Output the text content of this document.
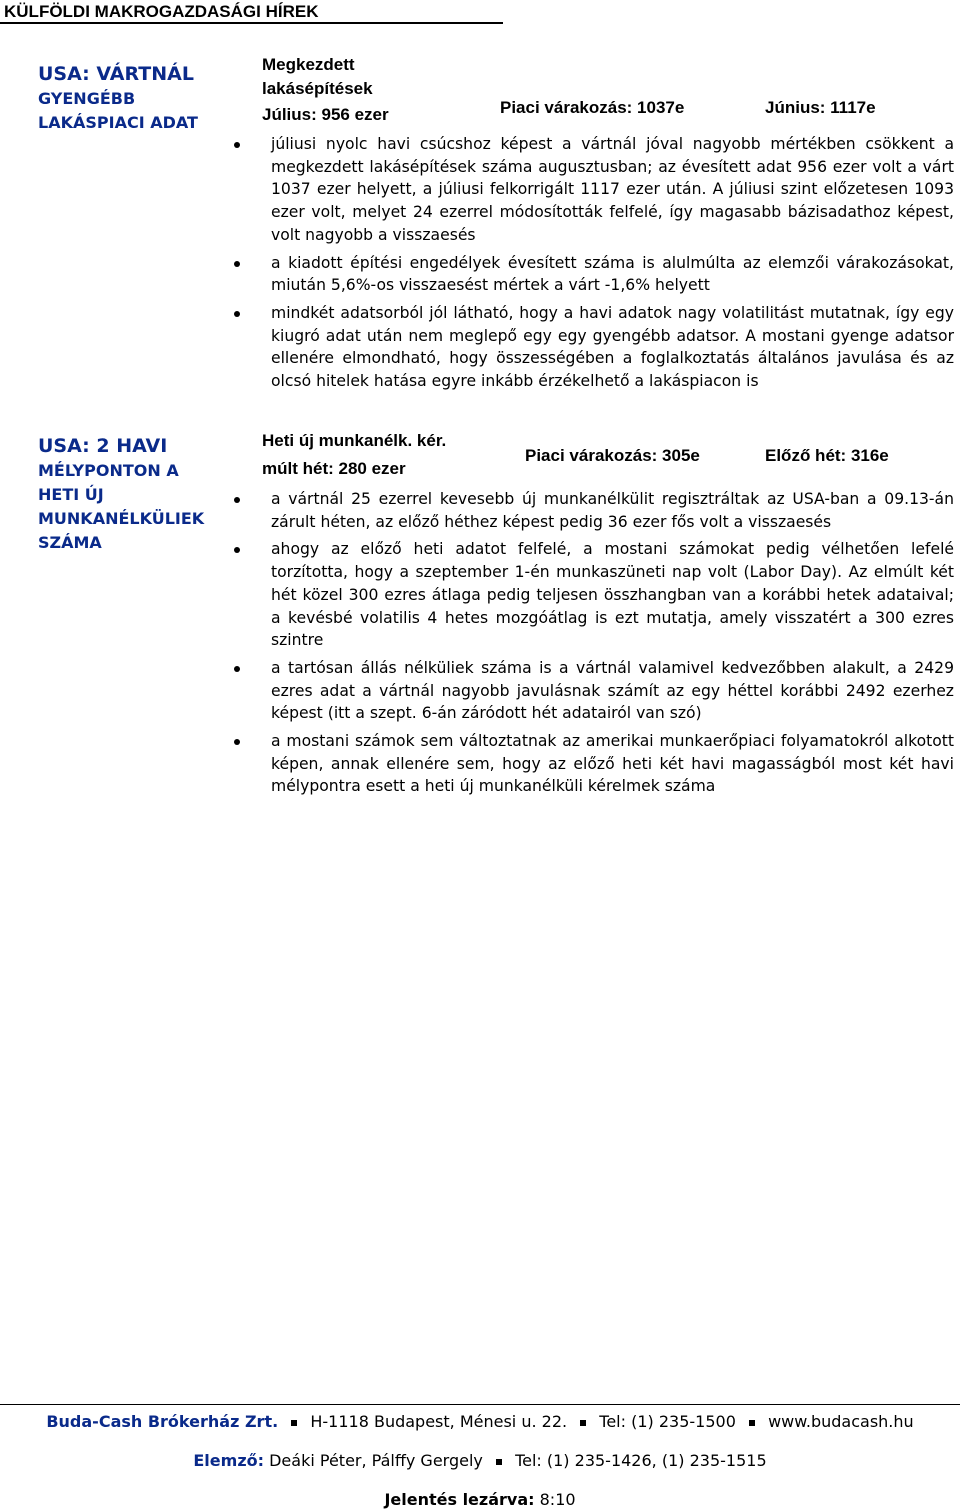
KÜLFÖLDI MAKROGAZDASÁGI HÍREK
USA: VÁRTNÁL
GYENGÉBB
LAKÁSPIACI ADAT
Megkezdett
lakásépítések
Július: 956 ezer	Piaci várakozás: 1037e	Június: 1117e
júliusi nyolc havi csúcshoz képest a vártnál jóval nagyobb mértékben csökkent a megkezdett lakásépítések száma augusztusban; az évesített adat 956 ezer volt a várt 1037 ezer helyett, a júliusi felkorrigált 1117 ezer után. A júliusi szint előzetesen 1093 ezer volt, melyet 24 ezerrel módosították felfelé, így magasabb bázisadathoz képest, volt nagyobb a visszaesés
a kiadott építési engedélyek évesített száma is alulmúlta az elemzői várakozásokat, miután 5,6%-os visszaesést mértek a várt -1,6% helyett
mindkét adatsorból jól látható, hogy a havi adatok nagy volatilitást mutatnak, így egy kiugró adat után nem meglepő egy egy gyengébb adatsor. A mostani gyenge adatsor ellenére elmondható, hogy összességében a foglalkoztatás általános javulása és az olcsó hitelek hatása egyre inkább érzékelhető a lakáspiacon is
USA: 2 HAVI
MÉLYPONTON A
HETI ÚJ
MUNKANÉLKÜLIEK
SZÁMA
Heti új munkanélk. kér.
múlt hét: 280 ezer
Piaci várakozás: 305e	Előző hét: 316e
a vártnál 25 ezerrel kevesebb új munkanélkülit regisztráltak az USA-ban a 09.13-án zárult héten, az előző héthez képest pedig 36 ezer fős volt a visszaesés
ahogy az előző heti adatot felfelé, a mostani számokat pedig vélhetően lefelé torzította, hogy a szeptember 1-én munkaszüneti nap volt (Labor Day). Az elmúlt két hét közel 300 ezres átlaga pedig teljesen összhangban van a korábbi hetek adataival; a kevésbé volatilis 4 hetes mozgóátlag is ezt mutatja, amely visszatért a 300 ezres szintre
a tartósan állás nélküliek száma is a vártnál valamivel kedvezőbben alakult, a 2429 ezres adat a vártnál nagyobb javulásnak számít az egy héttel korábbi 2492 ezerhez képest (itt a szept. 6-án záródott hét adatairól van szó)
a mostani számok sem változtatnak az amerikai munkaerőpiaci folyamatokról alkotott képen, annak ellenére sem, hogy az előző heti két havi magasságból most két havi mélypontra esett a heti új munkanélküli kérelmek száma
Buda-Cash Brókerház Zrt. H-1118 Budapest, Ménesi u. 22. Tel: (1) 235-1500 www.budacash.hu
Elemző: Deáki Péter, Pálffy Gergely Tel: (1) 235-1426, (1) 235-1515
Jelentés lezárva: 8:10
